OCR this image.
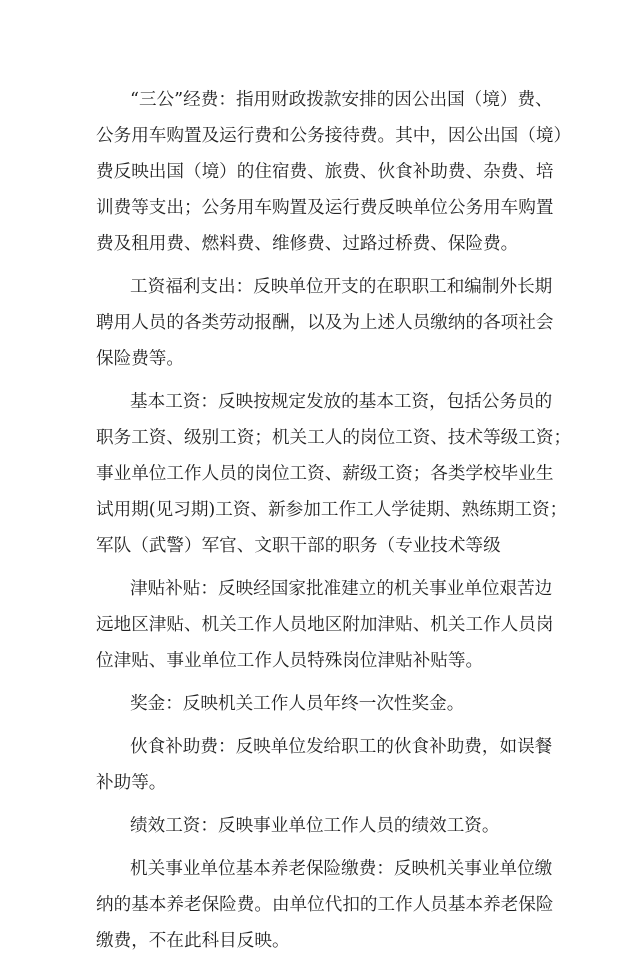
“三公”经费：指用财政拨款安排的因公出国（境）费、
公务用车购置及运行费和公务接待费。其中，因公出国（境）
费反映出国（境）的住宿费、旅费、伙食补助费、杂费、培
训费等支出；公务用车购置及运行费反映单位公务用车购置
费及租用费、燃料费、维修费、过路过桥费、保险费。

工资福利支出：反映单位开支的在职职工和编制外长期
聘用人员的各类劳动报酬，以及为上述人员缴纳的各项社会
保险费等。

基本工资：反映按规定发放的基本工资，包括公务员的
职务工资、级别工资；机关工人的岗位工资、技术等级工资；
事业单位工作人员的岗位工资、薪级工资；各类学校毕业生
试用期(见习期)工资、新参加工作工人学徒期、熟练期工资；
军队（武警）军官、文职干部的职务（专业技术等级

津贴补贴：反映经国家批准建立的机关事业单位艰苦边
远地区津贴、机关工作人员地区附加津贴、机关工作人员岗
位津贴、事业单位工作人员特殊岗位津贴补贴等。

奖金：反映机关工作人员年终一次性奖金。

伙食补助费：反映单位发给职工的伙食补助费，如误餐
补助等。

绩效工资：反映事业单位工作人员的绩效工资。

机关事业单位基本养老保险缴费：反映机关事业单位缴
纳的基本养老保险费。由单位代扣的工作人员基本养老保险
缴费，不在此科目反映。
